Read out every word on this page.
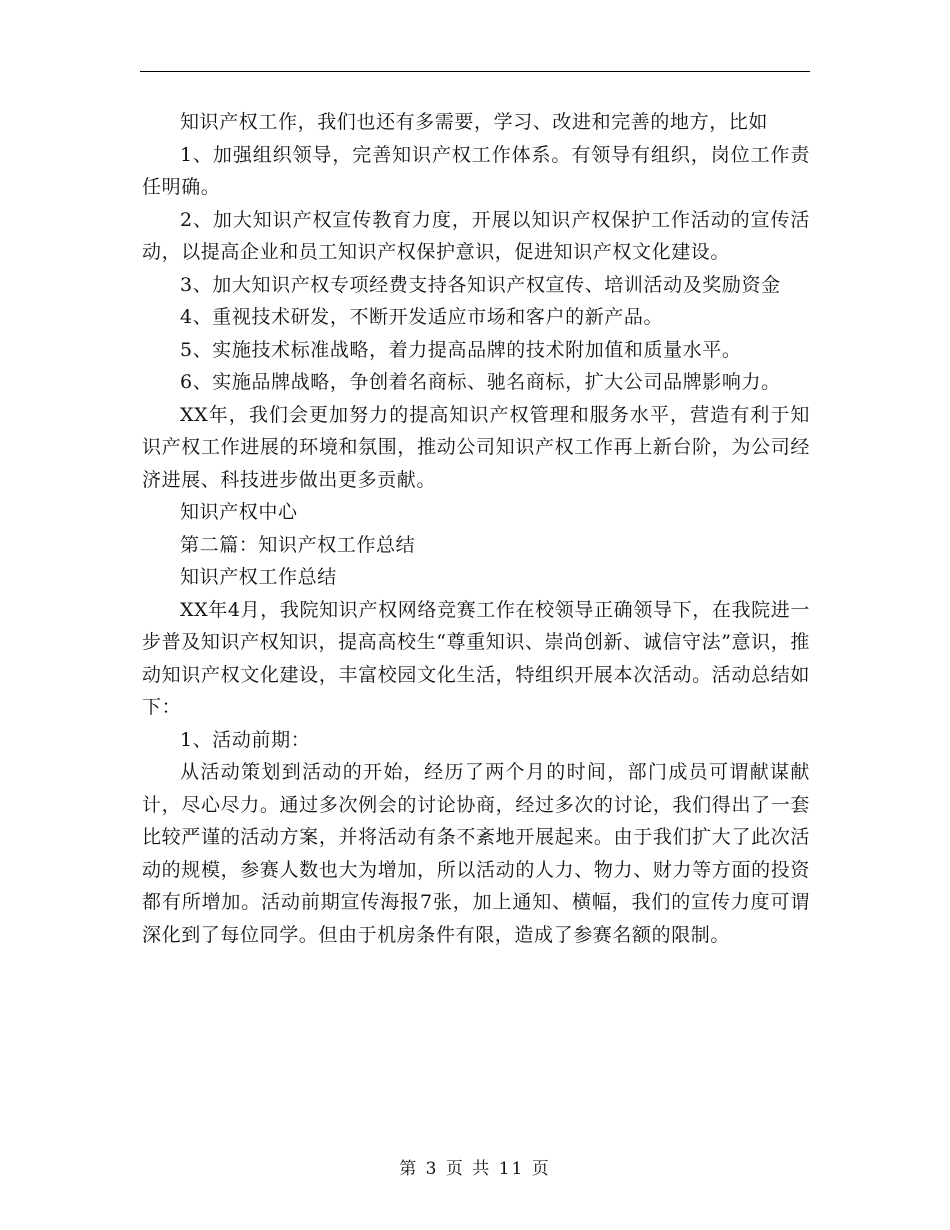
知识产权工作，我们也还有多需要，学习、改进和完善的地方，比如

1、加强组织领导，完善知识产权工作体系。有领导有组织，岗位工作责任明确。

2、加大知识产权宣传教育力度，开展以知识产权保护工作活动的宣传活动，以提高企业和员工知识产权保护意识，促进知识产权文化建设。

3、加大知识产权专项经费支持各知识产权宣传、培训活动及奖励资金

4、重视技术研发，不断开发适应市场和客户的新产品。

5、实施技术标准战略，着力提高品牌的技术附加值和质量水平。

6、实施品牌战略，争创着名商标、驰名商标，扩大公司品牌影响力。

XX年，我们会更加努力的提高知识产权管理和服务水平，营造有利于知识产权工作进展的环境和氛围，推动公司知识产权工作再上新台阶，为公司经济进展、科技进步做出更多贡献。

知识产权中心

第二篇：知识产权工作总结

知识产权工作总结

XX年4月，我院知识产权网络竞赛工作在校领导正确领导下，在我院进一步普及知识产权知识，提高高校生“尊重知识、崇尚创新、诚信守法”意识，推动知识产权文化建设，丰富校园文化生活，特组织开展本次活动。活动总结如下：

1、活动前期：

从活动策划到活动的开始，经历了两个月的时间，部门成员可谓献谋献计，尽心尽力。通过多次例会的讨论协商，经过多次的讨论，我们得出了一套比较严谨的活动方案，并将活动有条不紊地开展起来。由于我们扩大了此次活动的规模，参赛人数也大为增加，所以活动的人力、物力、财力等方面的投资都有所增加。活动前期宣传海报7张，加上通知、横幅，我们的宣传力度可谓深化到了每位同学。但由于机房条件有限，造成了参赛名额的限制。

第 3 页 共 11 页
